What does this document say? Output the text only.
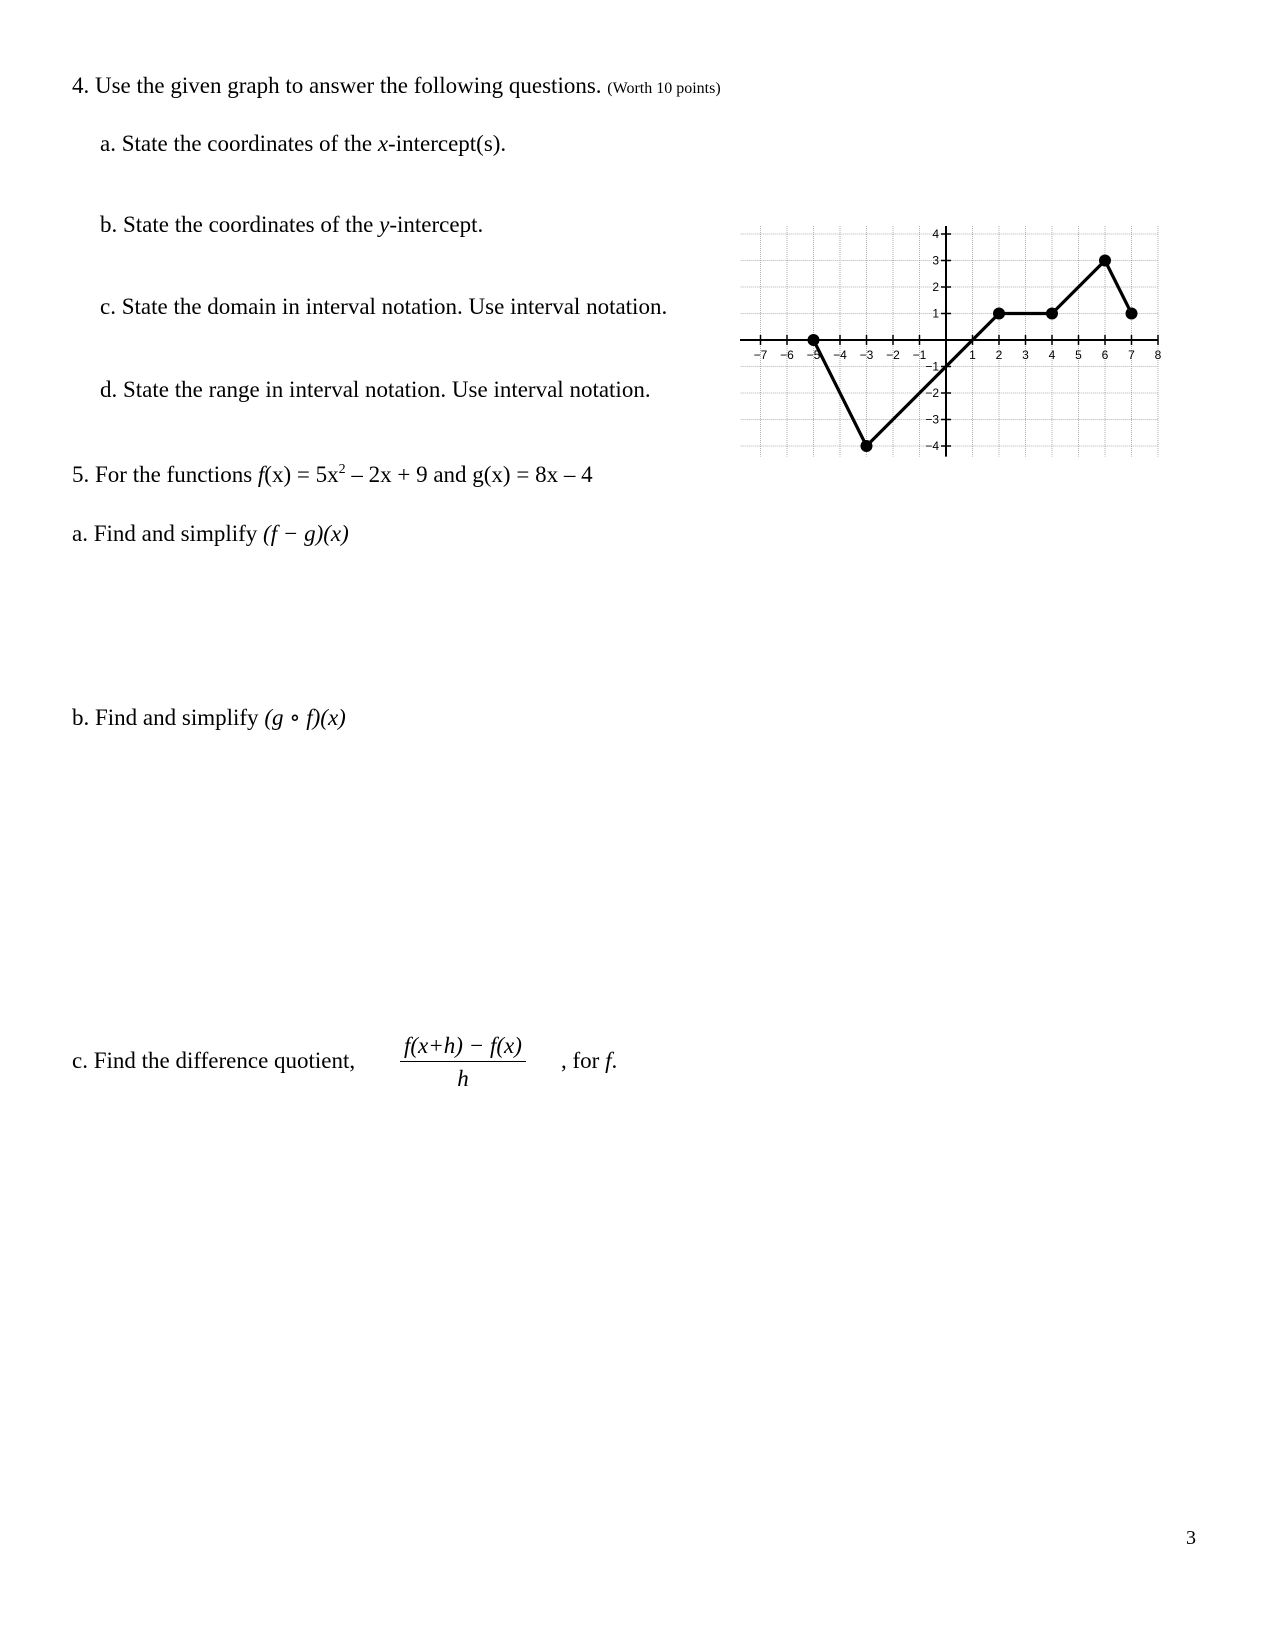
4. Use the given graph to answer the following questions. (Worth 10 points)
a. State the coordinates of the x-intercept(s).
b. State the coordinates of the y-intercept.
c. State the domain in interval notation. Use interval notation.
d. State the range in interval notation. Use interval notation.
5. For the functions $f(x) = 5x^2 - 2x + 9$ and g(x) = 8x – 4
a. Find and simplify (f − g)(x)
b. Find and simplify (g ∘ f)(x)
c. Find the difference quotient, $\frac{f(x+h) - f(x)}{h}$ , for f.
−7 −6 −5 −4 −3 −2 −1	1 2 3 4 5 6 7 8
−4
−3
−2
−1
1
2
3
4
3
